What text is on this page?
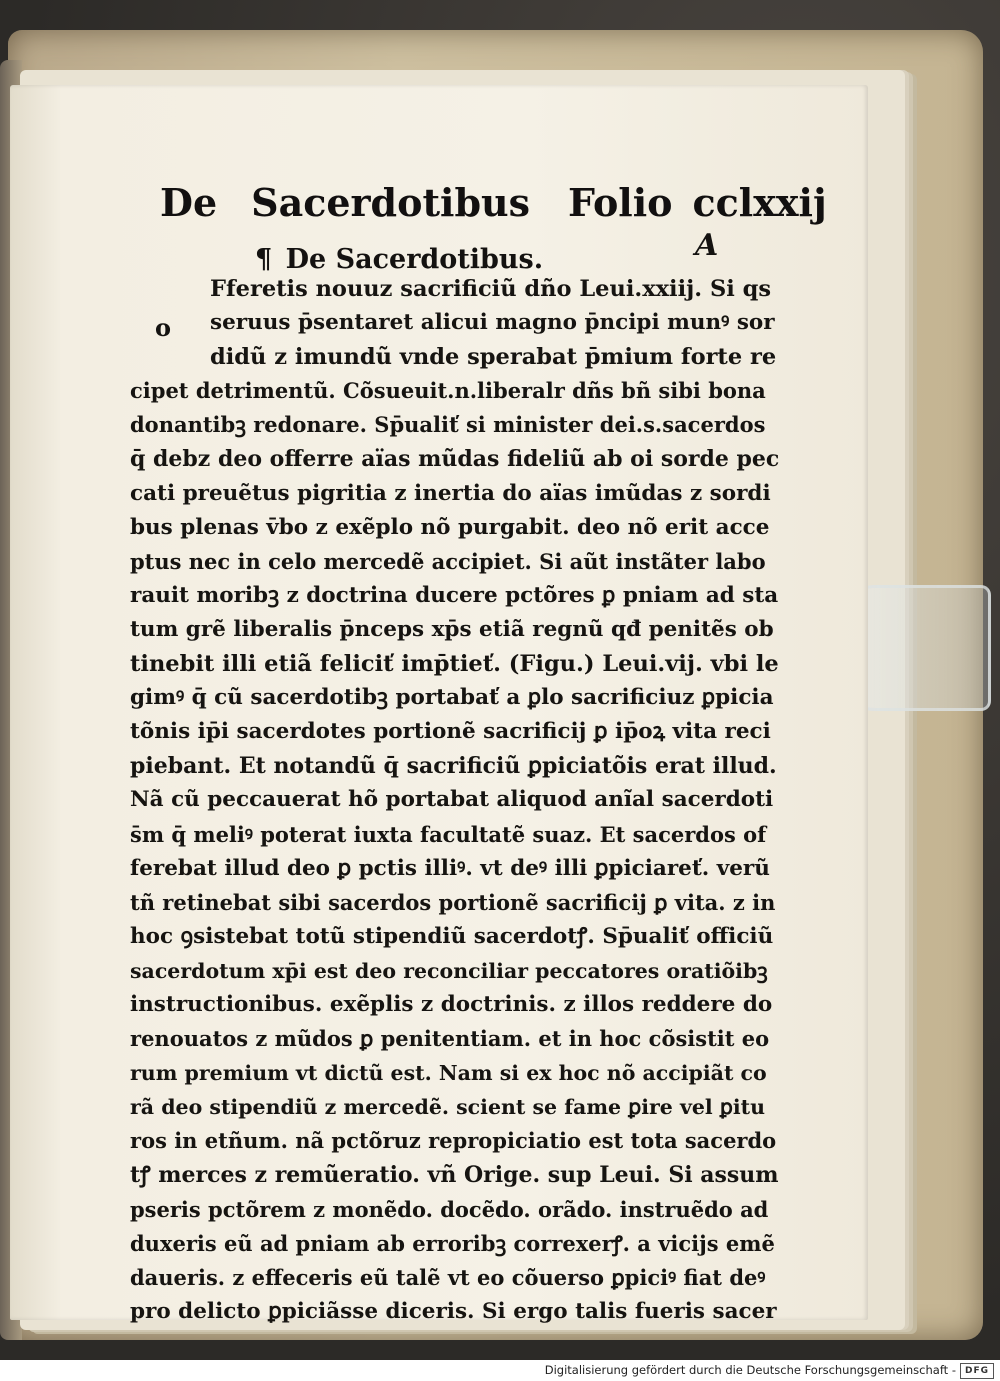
De Sacerdotibus Folio cclxxij
A
¶ De Sacerdotibus.
o
Fferetis nouuz sacrificiũ dño Leui.xxiij. Si qs
seruus p̄sentaret alicui magno p̄ncipi munꝰ sor
didũ z imundũ vnde sperabat p̄mium forte re
cipet detrimentũ. Cõsueuit.n.liberalr dñs bñ sibi bona
donantibꝫ redonare. Sp̄ualiť si minister dei.s.sacerdos
q̄ debz deo offerre aïas mũdas fideliũ ab oi sorde pec
cati preuẽtus pigritia z inertia do aïas imũdas z sordi
bus plenas v̄bo z exẽplo nõ purgabit. deo nõ erit acce
ptus nec in celo mercedẽ accipiet. Si aũt instãter labo
rauit moribꝫ z doctrina ducere pctõres ꝑ pniam ad sta
tum grẽ liberalis p̄nceps xp̄s etiã regnũ qđ penitẽs ob
tinebit illi etiã feliciť imp̄tieť. (Figu.) Leui.vij. vbi le
gimꝰ q̄ cũ sacerdotibꝫ portabať a ꝑlo sacrificiuz ꝑpicia
tõnis ip̄i sacerdotes portionẽ sacrificij ꝑ ip̄oꝝ vita reci
piebant. Et notandũ q̄ sacrificiũ ꝑpiciatõis erat illud.
Nã cũ peccauerat hõ portabat aliquod anĩal sacerdoti
s̄m q̄ meliꝰ poterat iuxta facultatẽ suaz. Et sacerdos of
ferebat illud deo ꝑ pctis illiꝰ. vt deꝰ illi ꝑpiciareť. verũ
tñ retinebat sibi sacerdos portionẽ sacrificij ꝑ vita. z in
hoc ꝯsistebat totũ stipendiũ sacerdotꝭ. Sp̄ualiť officiũ
sacerdotum xp̄i est deo reconciliar peccatores oratiõibꝫ
instructionibus. exẽplis z doctrinis. z illos reddere do
renouatos z mũdos ꝑ penitentiam. et in hoc cõsistit eo
rum premium vt dictũ est. Nam si ex hoc nõ accipiãt co
rã deo stipendiũ z mercedẽ. scient se fame ꝑire vel ꝑitu
ros in etñum. nã pctõruz repropiciatio est tota sacerdo
tꝭ merces z remũeratio. vñ Orige. sup Leui. Si assum
pseris pctõrem z monẽdo. docẽdo. orãdo. instruẽdo ad
duxeris eũ ad pniam ab erroribꝫ correxerꝭ. a vicijs emẽ
daueris. z effeceris eũ talẽ vt eo cõuerso ꝑpiciꝰ fiat deꝰ
pro delicto ꝑpiciãsse diceris. Si ergo talis fueris sacer
Digitalisierung gefördert durch die Deutsche Forschungsgemeinschaft - DFG
